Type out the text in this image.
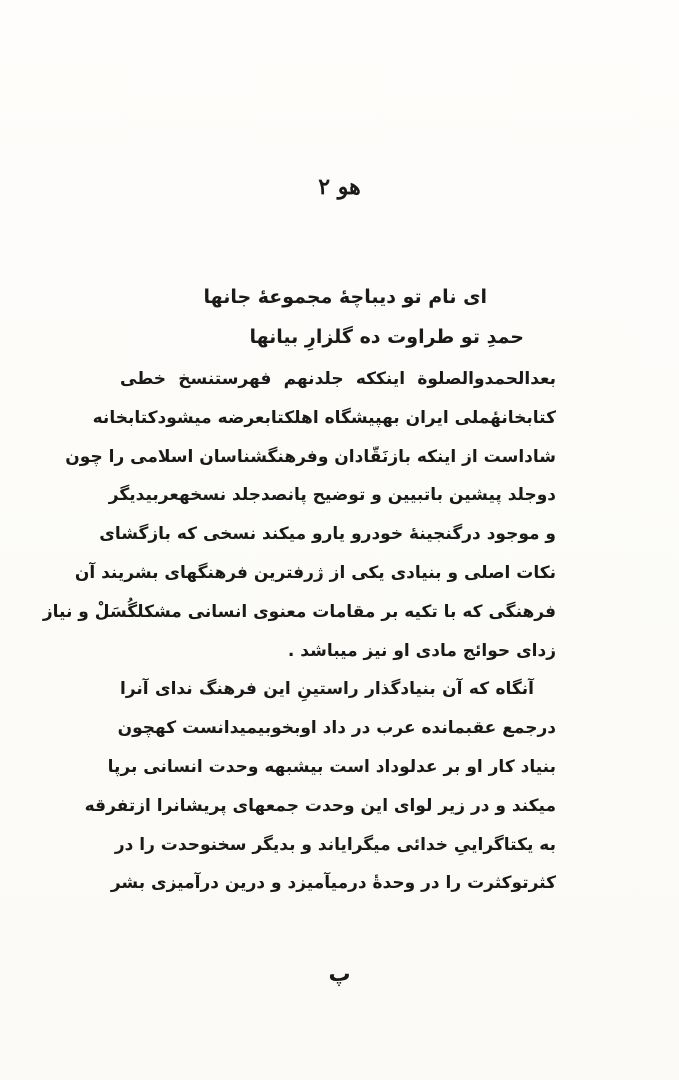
هو ۲
ای نام تو دیباچهٔ مجموعهٔ جانها
حمدِ تو طراوت ده گلزارِ بیانها
بعدالحمدوالصلوة اینککه جلدنهم فهرستنسخ خطی
کتابخانهٔملی ایران بهپیشگاه اهلکتابعرضه میشودکتابخانه
شاداست از اینکه بازنَقّادان وفرهنگشناسان اسلامی را چون
دوجلد پیشین باتبیین و توضیح پانصدجلد نسخهعربیدیگر
و موجود درگنجینهٔ خودرو یارو میکند نسخی که بازگشای
نکات اصلی و بنیادی یکی از ژرفترین فرهنگهای بشریند آن
فرهنگی که با تکیه بر مقامات معنوی انسانی مشکلگُسَلْ و نیاز
زدای حوائج مادی او نیز میباشد .
آنگاه که آن بنیادگذار راستینِ این فرهنگ ندای آنرا
درجمع عقبمانده عرب در داد اوبخوبیمیدانست کهچون
بنیاد کار او بر عدلوداد است بیشبهه وحدت انسانی برپا
میکند و در زیر لوای این وحدت جمعهای پریشانرا ازتفرقه
به یکتاگراییِ خدائی میگرایاند و بدیگر سخنوحدت را در
کثرتوکثرت را در وحدةٔ درمیآمیزد و درین درآمیزی بشر
پ
